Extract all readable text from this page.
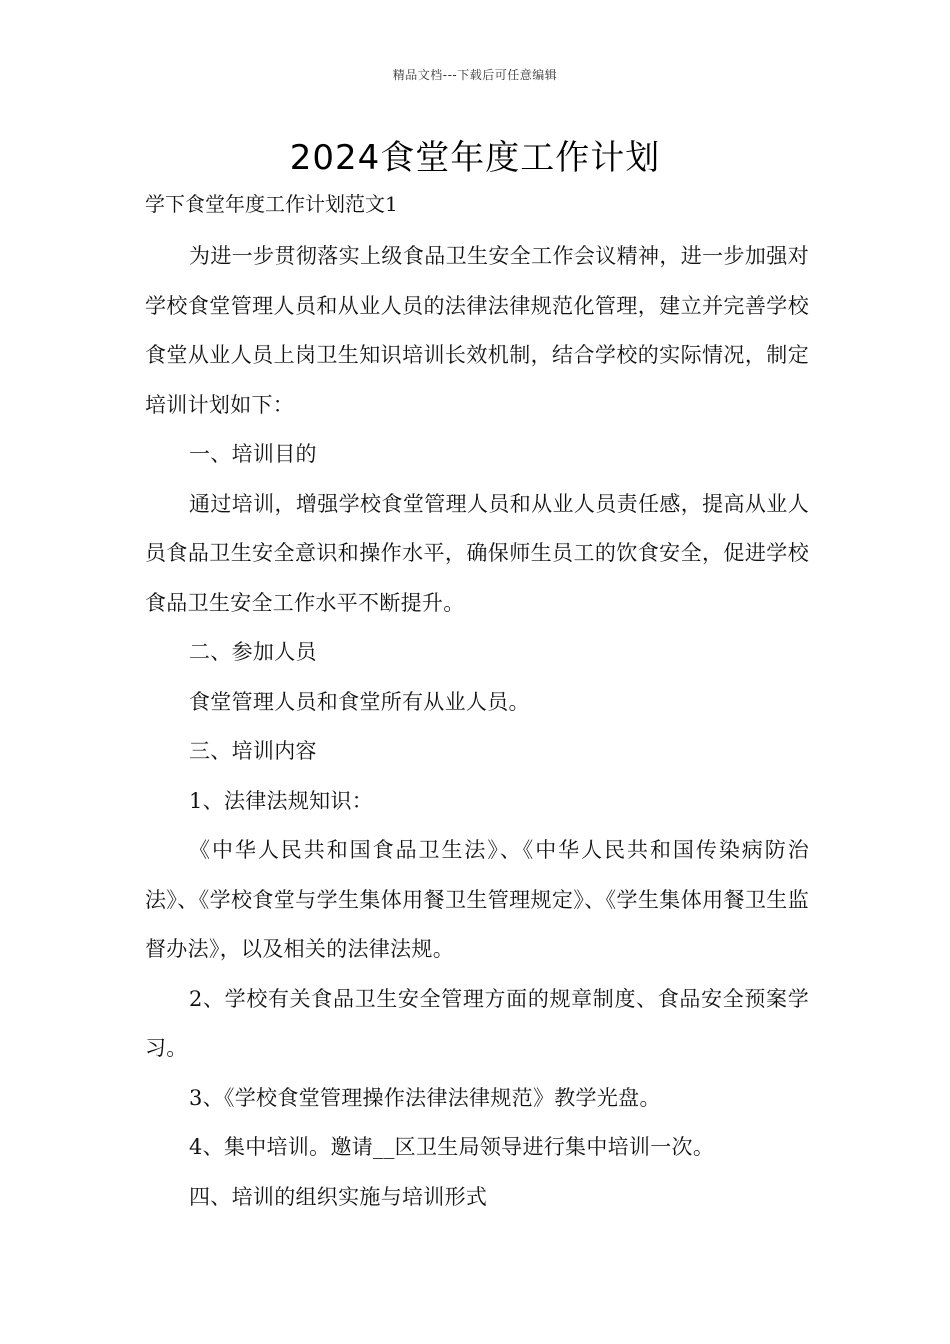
精品文档---下载后可任意编辑
2024食堂年度工作计划
学下食堂年度工作计划范文1

为进一步贯彻落实上级食品卫生安全工作会议精神，进一步加强对学校食堂管理人员和从业人员的法律法律规范化管理，建立并完善学校食堂从业人员上岗卫生知识培训长效机制，结合学校的实际情况，制定培训计划如下：

一、培训目的

通过培训，增强学校食堂管理人员和从业人员责任感，提高从业人员食品卫生安全意识和操作水平，确保师生员工的饮食安全，促进学校食品卫生安全工作水平不断提升。

二、参加人员

食堂管理人员和食堂所有从业人员。

三、培训内容

1、法律法规知识：

《中华人民共和国食品卫生法》、《中华人民共和国传染病防治法》、《学校食堂与学生集体用餐卫生管理规定》、《学生集体用餐卫生监督办法》，以及相关的法律法规。

2、学校有关食品卫生安全管理方面的规章制度、食品安全预案学习。

3、《学校食堂管理操作法律法律规范》教学光盘。

4、集中培训。邀请__区卫生局领导进行集中培训一次。

四、培训的组织实施与培训形式
